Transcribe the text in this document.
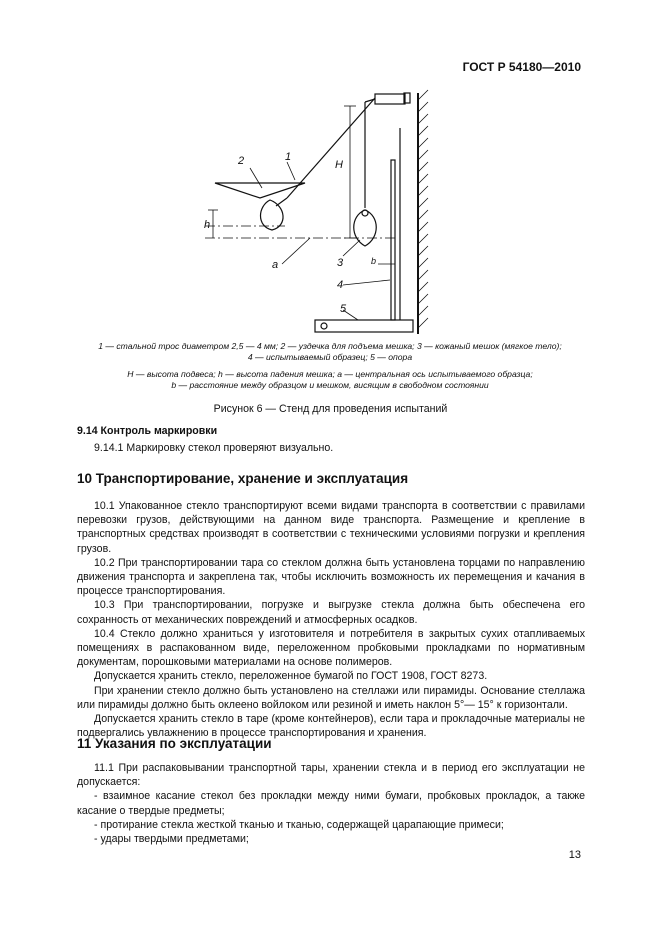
ГОСТ Р 54180—2010
2	1
H
h
a	3	b
4
5
1 — стальной трос диаметром 2,5 — 4 мм; 2 — уздечка для подъема мешка; 3 — кожаный мешок (мягкое тело);
4 — испытываемый образец; 5 — опора
H — высота подвеса; h — высота падения мешка; a — центральная ось испытываемого образца;
b — расстояние между образцом и мешком, висящим в свободном состоянии
Рисунок 6 — Стенд для проведения испытаний
9.14 Контроль маркировки

9.14.1 Маркировку стекол проверяют визуально.

10 Транспортирование, хранение и эксплуатация

10.1 Упакованное стекло транспортируют всеми видами транспорта в соответствии с правилами перевозки грузов, действующими на данном виде транспорта. Размещение и крепление в транспортных средствах производят в соответствии с техническими условиями погрузки и крепления грузов.

10.2 При транспортировании тара со стеклом должна быть установлена торцами по направлению движения транспорта и закреплена так, чтобы исключить возможность их перемещения и качания в процессе транспортирования.

10.3 При транспортировании, погрузке и выгрузке стекла должна быть обеспечена его сохранность от механических повреждений и атмосферных осадков.

10.4 Стекло должно храниться у изготовителя и потребителя в закрытых сухих отапливаемых помещениях в распакованном виде, переложенном пробковыми прокладками по нормативным документам, порошковыми материалами на основе полимеров.

Допускается хранить стекло, переложенное бумагой по ГОСТ 1908, ГОСТ 8273.

При хранении стекло должно быть установлено на стеллажи или пирамиды. Основание стеллажа или пирамиды должно быть оклеено войлоком или резиной и иметь наклон 5°— 15° к горизонтали.

Допускается хранить стекло в таре (кроме контейнеров), если тара и прокладочные материалы не подвергались увлажнению в процессе транспортирования и хранения.

11 Указания по эксплуатации

11.1 При распаковывании транспортной тары, хранении стекла и в период его эксплуатации не допускается:

- взаимное касание стекол без прокладки между ними бумаги, пробковых прокладок, а также касание о твердые предметы;

- протирание стекла жесткой тканью и тканью, содержащей царапающие примеси;

- удары твердыми предметами;

13
